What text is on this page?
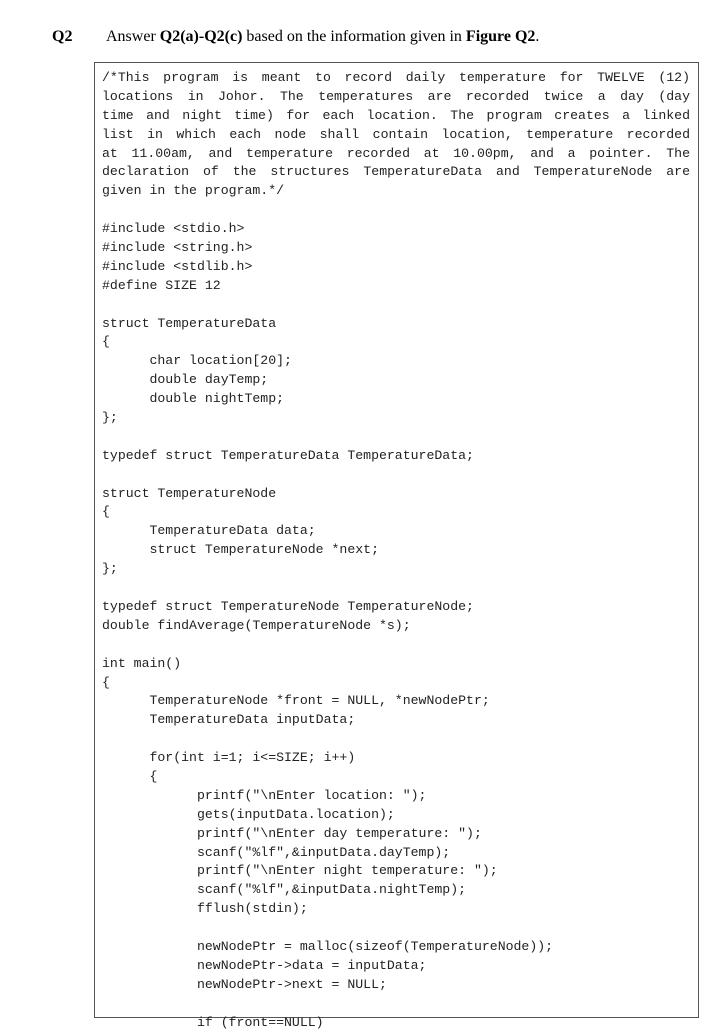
Q2 Answer Q2(a)-Q2(c) based on the information given in Figure Q2.
/*This program is meant to record daily temperature for TWELVE (12)
locations in Johor. The temperatures are recorded twice a day (day
time and night time) for each location. The program creates a linked
list in which each node shall contain location, temperature recorded
at 11.00am, and temperature recorded at 10.00pm, and a pointer. The
declaration of the structures TemperatureData and TemperatureNode are
given in the program.*/
#include <stdio.h>
#include <string.h>
#include <stdlib.h>
#define SIZE 12
struct TemperatureData
{
char location[20];
double dayTemp;
double nightTemp;
};
typedef struct TemperatureData TemperatureData;
struct TemperatureNode
{
TemperatureData data;
struct TemperatureNode *next;
};
typedef struct TemperatureNode TemperatureNode;
double findAverage(TemperatureNode *s);
int main()
{
TemperatureNode *front = NULL, *newNodePtr;
TemperatureData inputData;
for(int i=1; i<=SIZE; i++)
{
printf("\nEnter location: ");
gets(inputData.location);
printf("\nEnter day temperature: ");
scanf("%lf",&inputData.dayTemp);
printf("\nEnter night temperature: ");
scanf("%lf",&inputData.nightTemp);
fflush(stdin);
newNodePtr = malloc(sizeof(TemperatureNode));
newNodePtr->data = inputData;
newNodePtr->next = NULL;
if (front==NULL)
